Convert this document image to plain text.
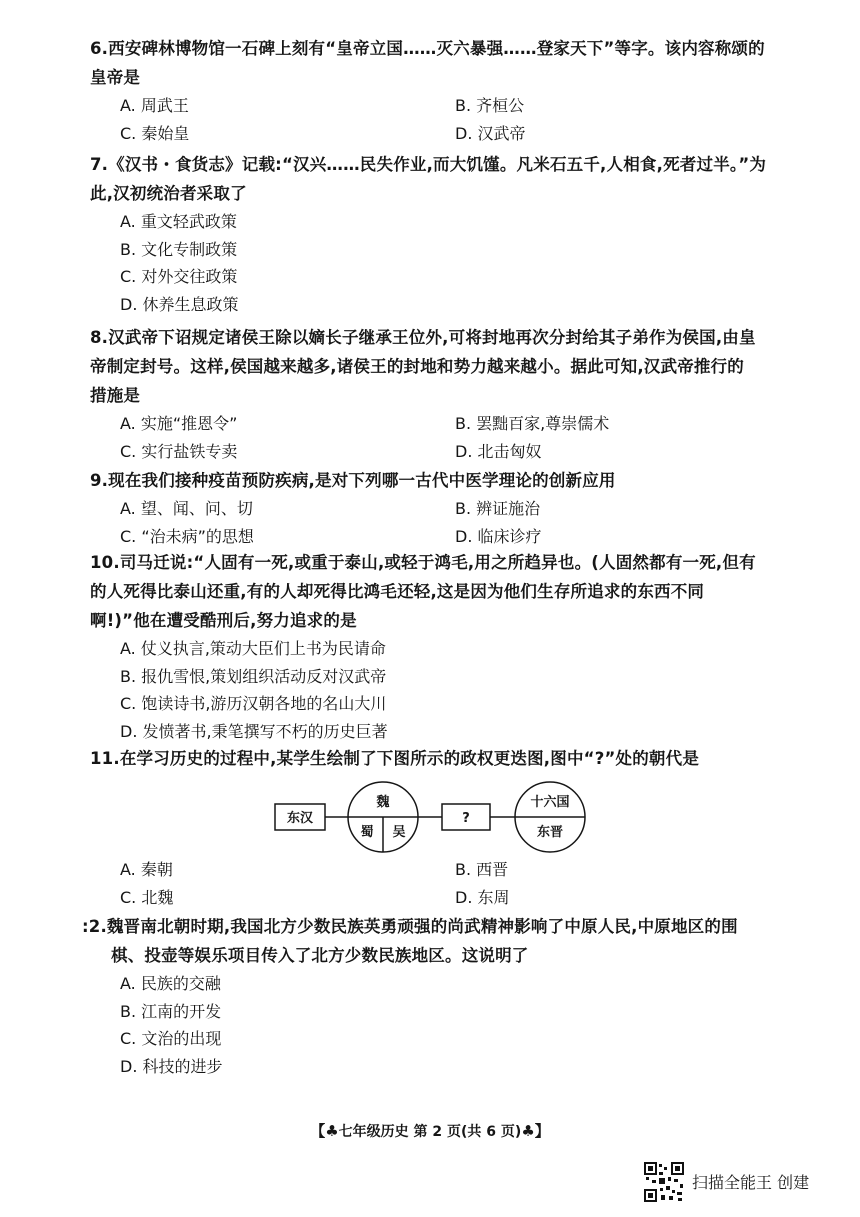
6.西安碑林博物馆一石碑上刻有“皇帝立国……灭六暴强……登家天下”等字。该内容称颂的
皇帝是
A. 周武王	B. 齐桓公
C. 秦始皇	D. 汉武帝
7.《汉书・食货志》记载:“汉兴……民失作业,而大饥馑。凡米石五千,人相食,死者过半。”为
此,汉初统治者采取了
A. 重文轻武政策
B. 文化专制政策
C. 对外交往政策
D. 休养生息政策
8.汉武帝下诏规定诸侯王除以嫡长子继承王位外,可将封地再次分封给其子弟作为侯国,由皇
帝制定封号。这样,侯国越来越多,诸侯王的封地和势力越来越小。据此可知,汉武帝推行的
措施是
A. 实施“推恩令”	B. 罢黜百家,尊崇儒术
C. 实行盐铁专卖	D. 北击匈奴
9.现在我们接种疫苗预防疾病,是对下列哪一古代中医学理论的创新应用
A. 望、闻、问、切	B. 辨证施治
C. “治未病”的思想	D. 临床诊疗
10.司马迁说:“人固有一死,或重于泰山,或轻于鸿毛,用之所趋异也。(人固然都有一死,但有
的人死得比泰山还重,有的人却死得比鸿毛还轻,这是因为他们生存所追求的东西不同
啊!)”他在遭受酷刑后,努力追求的是
A. 仗义执言,策动大臣们上书为民请命
B. 报仇雪恨,策划组织活动反对汉武帝
C. 饱读诗书,游历汉朝各地的名山大川
D. 发愤著书,秉笔撰写不朽的历史巨著
11.在学习历史的过程中,某学生绘制了下图所示的政权更迭图,图中“?”处的朝代是
东汉
魏
蜀 吴
?
十六国
东晋
A. 秦朝	B. 西晋
C. 北魏	D. 东周
:2.魏晋南北朝时期,我国北方少数民族英勇顽强的尚武精神影响了中原人民,中原地区的围
棋、投壶等娱乐项目传入了北方少数民族地区。这说明了
A. 民族的交融
B. 江南的开发
C. 文治的出现
D. 科技的进步
【♣七年级历史 第 2 页(共 6 页)♣】
扫描全能王 创建
